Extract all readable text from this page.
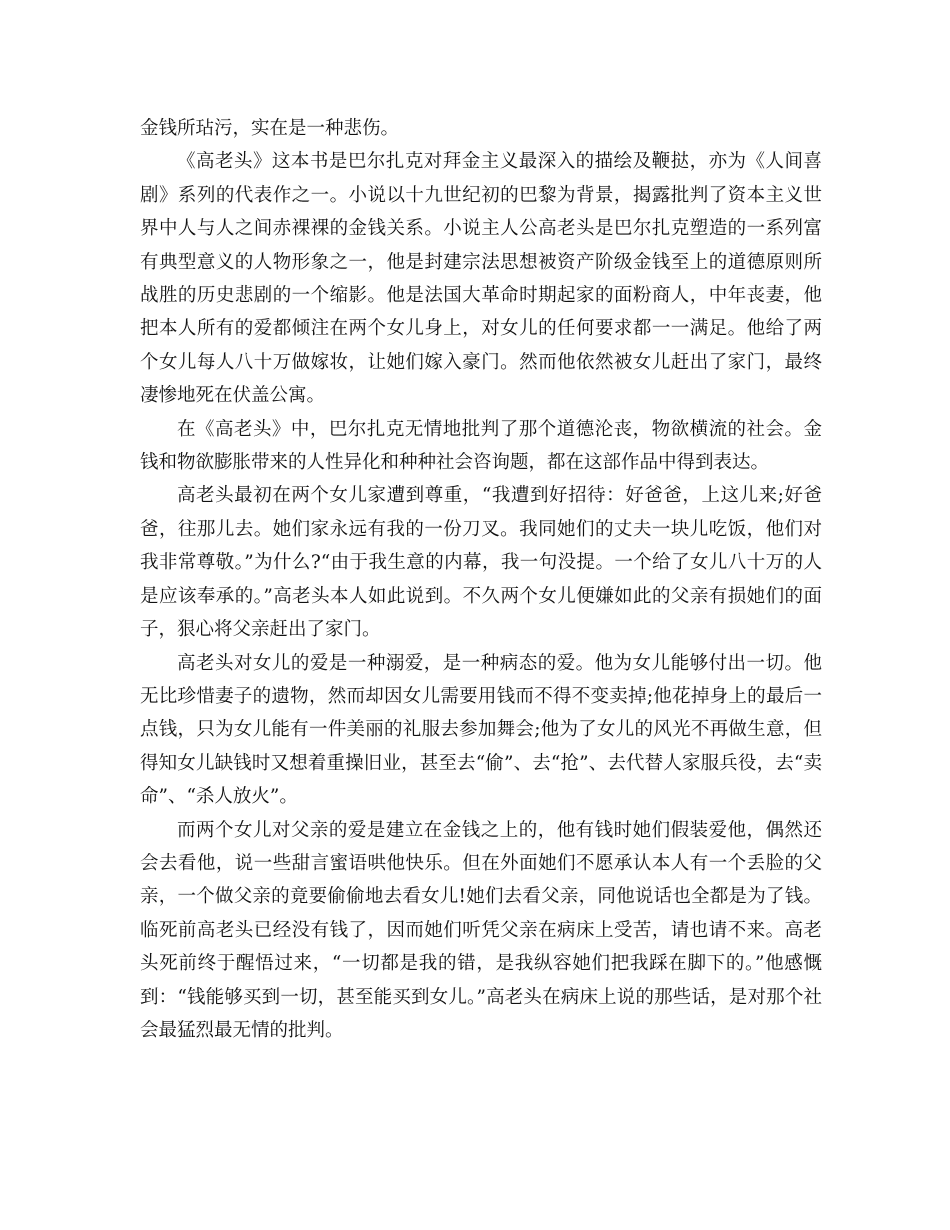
金钱所玷污，实在是一种悲伤。

《高老头》这本书是巴尔扎克对拜金主义最深入的描绘及鞭挞，亦为《人间喜剧》系列的代表作之一。小说以十九世纪初的巴黎为背景，揭露批判了资本主义世界中人与人之间赤裸裸的金钱关系。小说主人公高老头是巴尔扎克塑造的一系列富有典型意义的人物形象之一，他是封建宗法思想被资产阶级金钱至上的道德原则所战胜的历史悲剧的一个缩影。他是法国大革命时期起家的面粉商人，中年丧妻，他把本人所有的爱都倾注在两个女儿身上，对女儿的任何要求都一一满足。他给了两个女儿每人八十万做嫁妆，让她们嫁入豪门。然而他依然被女儿赶出了家门，最终凄惨地死在伏盖公寓。

在《高老头》中，巴尔扎克无情地批判了那个道德沦丧，物欲横流的社会。金钱和物欲膨胀带来的人性异化和种种社会咨询题，都在这部作品中得到表达。

高老头最初在两个女儿家遭到尊重，“我遭到好招待：好爸爸，上这儿来;好爸爸，往那儿去。她们家永远有我的一份刀叉。我同她们的丈夫一块儿吃饭，他们对我非常尊敬。”为什么?“由于我生意的内幕，我一句没提。一个给了女儿八十万的人是应该奉承的。”高老头本人如此说到。不久两个女儿便嫌如此的父亲有损她们的面子，狠心将父亲赶出了家门。

高老头对女儿的爱是一种溺爱，是一种病态的爱。他为女儿能够付出一切。他无比珍惜妻子的遗物，然而却因女儿需要用钱而不得不变卖掉;他花掉身上的最后一点钱，只为女儿能有一件美丽的礼服去参加舞会;他为了女儿的风光不再做生意，但得知女儿缺钱时又想着重操旧业，甚至去“偷”、去“抢”、去代替人家服兵役，去“卖命”、“杀人放火”。

而两个女儿对父亲的爱是建立在金钱之上的，他有钱时她们假装爱他，偶然还会去看他，说一些甜言蜜语哄他快乐。但在外面她们不愿承认本人有一个丢脸的父亲，一个做父亲的竟要偷偷地去看女儿!她们去看父亲，同他说话也全都是为了钱。临死前高老头已经没有钱了，因而她们听凭父亲在病床上受苦，请也请不来。高老头死前终于醒悟过来，“一切都是我的错，是我纵容她们把我踩在脚下的。”他感慨到：“钱能够买到一切，甚至能买到女儿。”高老头在病床上说的那些话，是对那个社会最猛烈最无情的批判。
